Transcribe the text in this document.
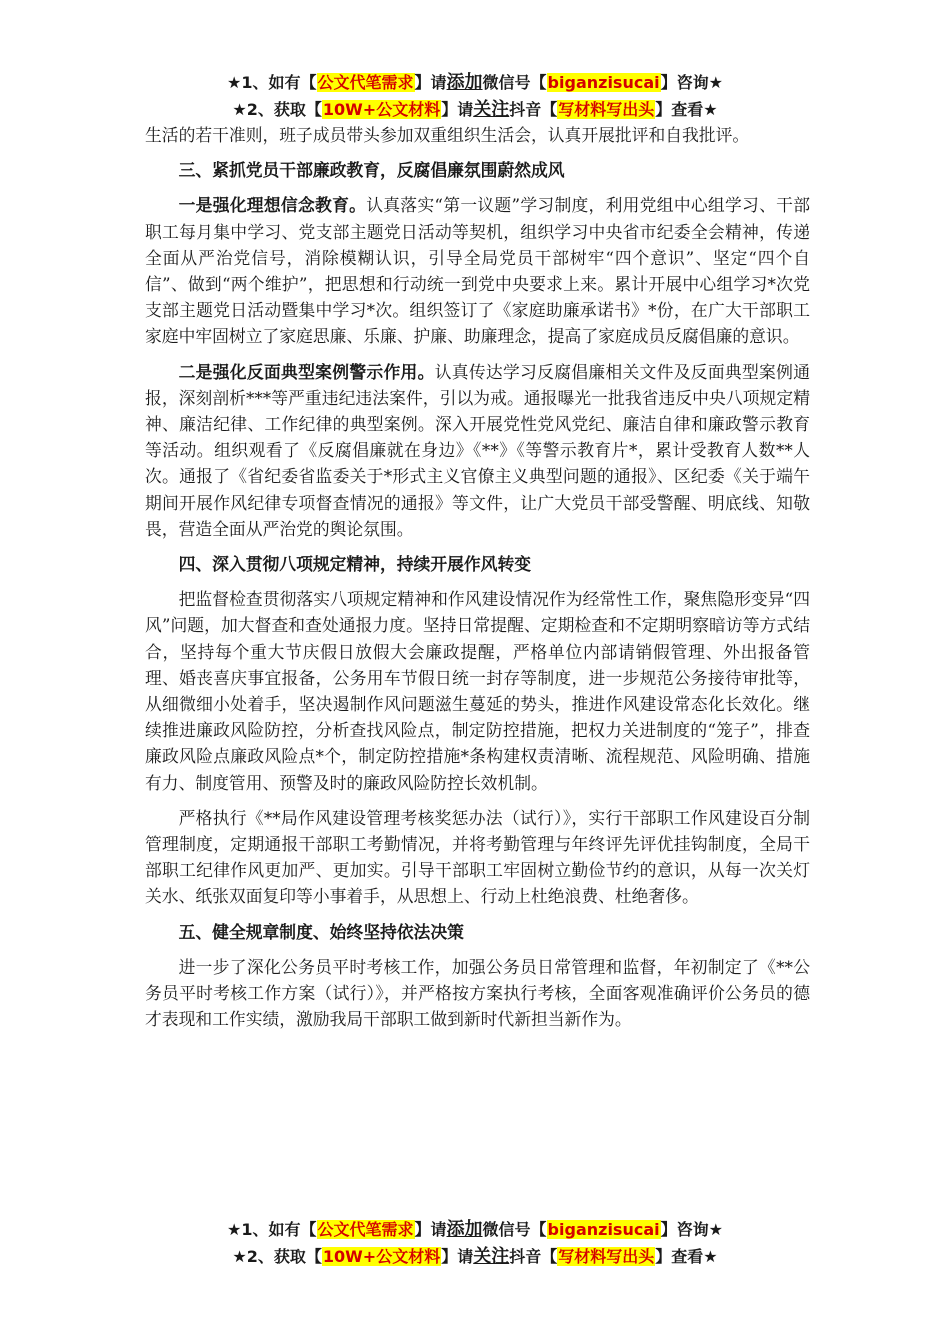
★1、如有【公文代笔需求】请添加微信号【biganzisucai】咨询★
★2、获取【10W+公文材料】请关注抖音【写材料写出头】查看★

生活的若干准则，班子成员带头参加双重组织生活会，认真开展批评和自我批评。

三、紧抓党员干部廉政教育，反腐倡廉氛围蔚然成风

一是强化理想信念教育。认真落实“第一议题”学习制度，利用党组中心组学习、干部职工每月集中学习、党支部主题党日活动等契机，组织学习中央省市纪委全会精神，传递全面从严治党信号，消除模糊认识，引导全局党员干部树牢“四个意识”、坚定“四个自信”、做到“两个维护”，把思想和行动统一到党中央要求上来。累计开展中心组学习*次党支部主题党日活动暨集中学习*次。组织签订了《家庭助廉承诺书》*份，在广大干部职工家庭中牢固树立了家庭思廉、乐廉、护廉、助廉理念，提高了家庭成员反腐倡廉的意识。

二是强化反面典型案例警示作用。认真传达学习反腐倡廉相关文件及反面典型案例通报，深刻剖析***等严重违纪违法案件，引以为戒。通报曝光一批我省违反中央八项规定精神、廉洁纪律、工作纪律的典型案例。深入开展党性党风党纪、廉洁自律和廉政警示教育等活动。组织观看了《反腐倡廉就在身边》《**》《等警示教育片*，累计受教育人数**人次。通报了《省纪委省监委关于*形式主义官僚主义典型问题的通报》、区纪委《关于端午期间开展作风纪律专项督查情况的通报》等文件，让广大党员干部受警醒、明底线、知敬畏，营造全面从严治党的舆论氛围。

四、深入贯彻八项规定精神，持续开展作风转变

把监督检查贯彻落实八项规定精神和作风建设情况作为经常性工作，聚焦隐形变异“四风”问题，加大督查和查处通报力度。坚持日常提醒、定期检查和不定期明察暗访等方式结合，坚持每个重大节庆假日放假大会廉政提醒，严格单位内部请销假管理、外出报备管理、婚丧喜庆事宜报备，公务用车节假日统一封存等制度，进一步规范公务接待审批等，从细微细小处着手，坚决遏制作风问题滋生蔓延的势头，推进作风建设常态化长效化。继续推进廉政风险防控，分析查找风险点，制定防控措施，把权力关进制度的“笼子”，排查廉政风险点廉政风险点*个，制定防控措施*条构建权责清晰、流程规范、风险明确、措施有力、制度管用、预警及时的廉政风险防控长效机制。

严格执行《**局作风建设管理考核奖惩办法（试行）》，实行干部职工作风建设百分制管理制度，定期通报干部职工考勤情况，并将考勤管理与年终评先评优挂钩制度，全局干部职工纪律作风更加严、更加实。引导干部职工牢固树立勤俭节约的意识，从每一次关灯关水、纸张双面复印等小事着手，从思想上、行动上杜绝浪费、杜绝奢侈。

五、健全规章制度、始终坚持依法决策

进一步了深化公务员平时考核工作，加强公务员日常管理和监督，年初制定了《**公务员平时考核工作方案（试行）》，并严格按方案执行考核，全面客观准确评价公务员的德才表现和工作实绩，激励我局干部职工做到新时代新担当新作为。

★1、如有【公文代笔需求】请添加微信号【biganzisucai】咨询★
★2、获取【10W+公文材料】请关注抖音【写材料写出头】查看★
